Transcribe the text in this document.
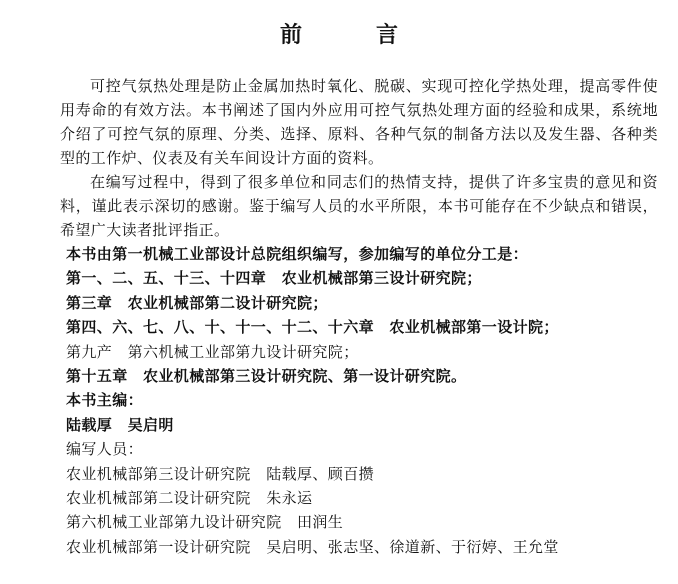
前　言

可控气氛热处理是防止金属加热时氧化、脱碳、实现可控化学热处理，提高零件使用寿命的有效方法。本书阐述了国内外应用可控气氛热处理方面的经验和成果，系统地介绍了可控气氛的原理、分类、选择、原料、各种气氛的制备方法以及发生器、各种类型的工作炉、仪表及有关车间设计方面的资料。

在编写过程中，得到了很多单位和同志们的热情支持，提供了许多宝贵的意见和资料，谨此表示深切的感谢。鉴于编写人员的水平所限，本书可能存在不少缺点和错误，希望广大读者批评指正。

本书由第一机械工业部设计总院组织编写，参加编写的单位分工是：
第一、二、五、十三、十四章　农业机械部第三设计研究院；
第三章　农业机械部第二设计研究院；
第四、六、七、八、十、十一、十二、十六章　农业机械部第一设计院；
第九产　第六机械工业部第九设计研究院；
第十五章　农业机械部第三设计研究院、第一设计研究院。
本书主编：
陆载厚　吴启明
编写人员：
农业机械部第三设计研究院　陆载厚、顾百攒
农业机械部第二设计研究院　朱永运
第六机械工业部第九设计研究院　田润生
农业机械部第一设计研究院　吴启明、张志坚、徐道新、于衍婷、王允堂
